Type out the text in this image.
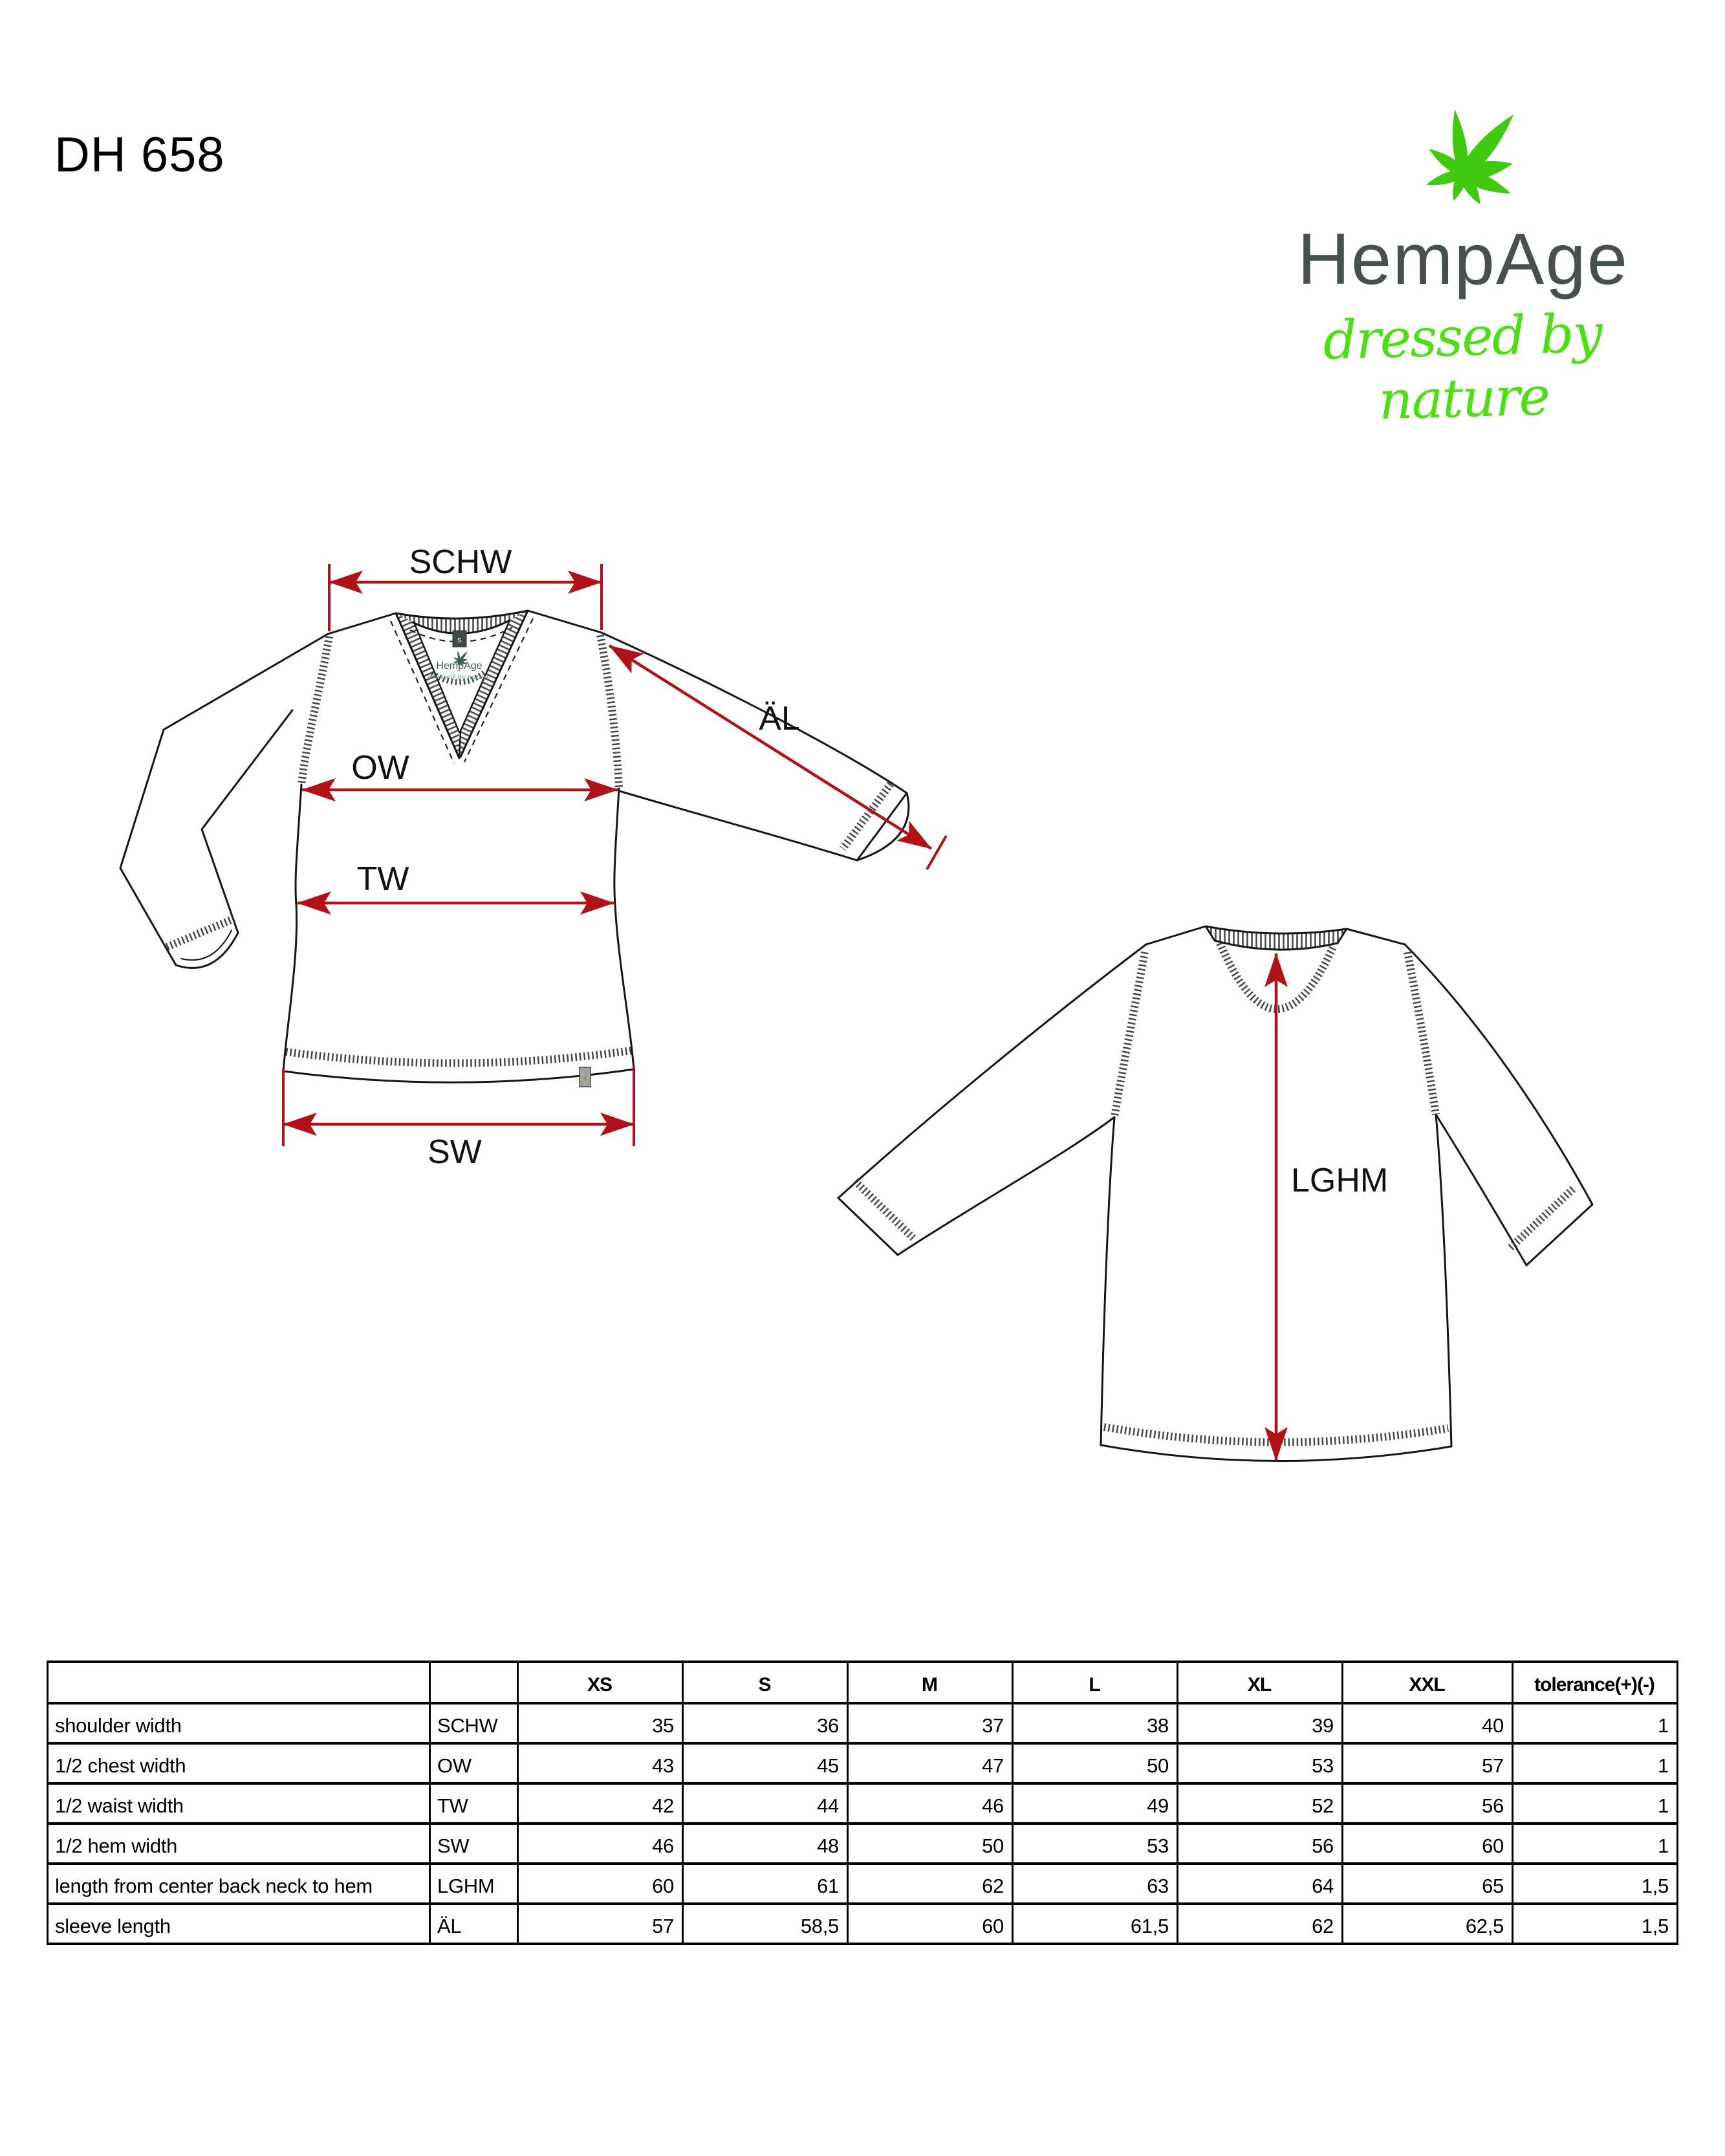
DH 658
HempAge
dressed by nature
s
HempAge
dressed by nature
SCHW
ÄL
OW
TW
SW
LGHM
		XS	S	M	L	XL	XXL	tolerance(+)(-)
shoulder width	SCHW	35	36	37	38	39	40	1
1/2 chest width	OW	43	45	47	50	53	57	1
1/2 waist width	TW	42	44	46	49	52	56	1
1/2 hem width	SW	46	48	50	53	56	60	1
length from center back neck to hem	LGHM	60	61	62	63	64	65	1,5
sleeve length	ÄL	57	58,5	60	61,5	62	62,5	1,5
